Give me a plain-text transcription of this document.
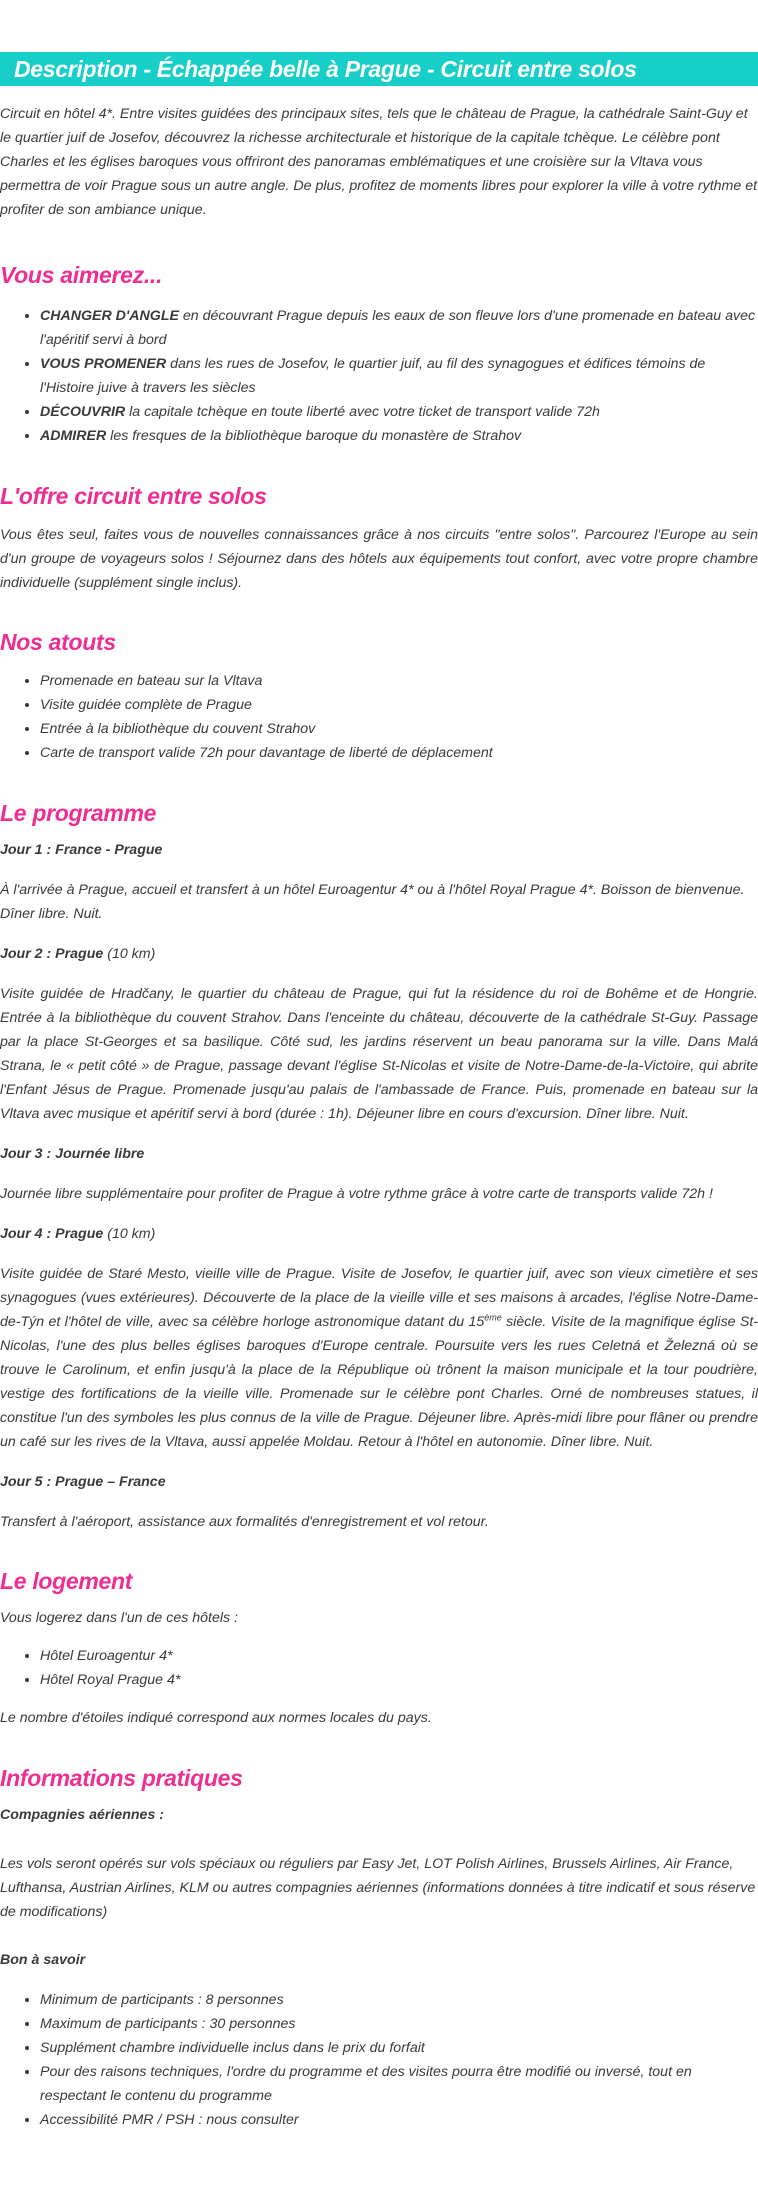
Description - Échappée belle à Prague - Circuit entre solos

Circuit en hôtel 4*. Entre visites guidées des principaux sites, tels que le château de Prague, la cathédrale Saint-Guy et le quartier juif de Josefov, découvrez la richesse architecturale et historique de la capitale tchèque. Le célèbre pont Charles et les églises baroques vous offriront des panoramas emblématiques et une croisière sur la Vltava vous permettra de voir Prague sous un autre angle. De plus, profitez de moments libres pour explorer la ville à votre rythme et profiter de son ambiance unique.

Vous aimerez...
• CHANGER D'ANGLE en découvrant Prague depuis les eaux de son fleuve lors d'une promenade en bateau avec l'apéritif servi à bord
• VOUS PROMENER dans les rues de Josefov, le quartier juif, au fil des synagogues et édifices témoins de l'Histoire juive à travers les siècles
• DÉCOUVRIR la capitale tchèque en toute liberté avec votre ticket de transport valide 72h
• ADMIRER les fresques de la bibliothèque baroque du monastère de Strahov
L'offre circuit entre solos

Vous êtes seul, faites vous de nouvelles connaissances grâce à nos circuits "entre solos". Parcourez l'Europe au sein d'un groupe de voyageurs solos ! Séjournez dans des hôtels aux équipements tout confort, avec votre propre chambre individuelle (supplément single inclus).

Nos atouts
• Promenade en bateau sur la Vltava
• Visite guidée complète de Prague
• Entrée à la bibliothèque du couvent Strahov
• Carte de transport valide 72h pour davantage de liberté de déplacement
Le programme

Jour 1 : France - Prague

À l'arrivée à Prague, accueil et transfert à un hôtel Euroagentur 4* ou à l'hôtel Royal Prague 4*. Boisson de bienvenue. Dîner libre. Nuit.

Jour 2 : Prague (10 km)

Visite guidée de Hradčany, le quartier du château de Prague, qui fut la résidence du roi de Bohême et de Hongrie. Entrée à la bibliothèque du couvent Strahov. Dans l'enceinte du château, découverte de la cathédrale St-Guy. Passage par la place St-Georges et sa basilique. Côté sud, les jardins réservent un beau panorama sur la ville. Dans Malá Strana, le « petit côté » de Prague, passage devant l'église St-Nicolas et visite de Notre-Dame-de-la-Victoire, qui abrite l'Enfant Jésus de Prague. Promenade jusqu'au palais de l'ambassade de France. Puis, promenade en bateau sur la Vltava avec musique et apéritif servi à bord (durée : 1h). Déjeuner libre en cours d'excursion. Dîner libre. Nuit.

Jour 3 : Journée libre

Journée libre supplémentaire pour profiter de Prague à votre rythme grâce à votre carte de transports valide 72h !

Jour 4 : Prague (10 km)

Visite guidée de Staré Mesto, vieille ville de Prague. Visite de Josefov, le quartier juif, avec son vieux cimetière et ses synagogues (vues extérieures). Découverte de la place de la vieille ville et ses maisons à arcades, l'église Notre-Dame-de-Týn et l'hôtel de ville, avec sa célèbre horloge astronomique datant du 15ème siècle. Visite de la magnifique église St-Nicolas, l'une des plus belles églises baroques d'Europe centrale. Poursuite vers les rues Celetná et Železná où se trouve le Carolinum, et enfin jusqu'à la place de la République où trônent la maison municipale et la tour poudrière, vestige des fortifications de la vieille ville. Promenade sur le célèbre pont Charles. Orné de nombreuses statues, il constitue l'un des symboles les plus connus de la ville de Prague. Déjeuner libre. Après-midi libre pour flâner ou prendre un café sur les rives de la Vltava, aussi appelée Moldau. Retour à l'hôtel en autonomie. Dîner libre. Nuit.

Jour 5 : Prague – France

Transfert à l'aéroport, assistance aux formalités d'enregistrement et vol retour.

Le logement

Vous logerez dans l'un de ces hôtels :

• Hôtel Euroagentur 4*
• Hôtel Royal Prague 4*

Le nombre d'étoiles indiqué correspond aux normes locales du pays.

Informations pratiques

Compagnies aériennes :

Les vols seront opérés sur vols spéciaux ou réguliers par Easy Jet, LOT Polish Airlines, Brussels Airlines, Air France, Lufthansa, Austrian Airlines, KLM ou autres compagnies aériennes (informations données à titre indicatif et sous réserve de modifications)

Bon à savoir

• Minimum de participants : 8 personnes
• Maximum de participants : 30 personnes
• Supplément chambre individuelle inclus dans le prix du forfait
• Pour des raisons techniques, l'ordre du programme et des visites pourra être modifié ou inversé, tout en respectant le contenu du programme
• Accessibilité PMR / PSH : nous consulter
